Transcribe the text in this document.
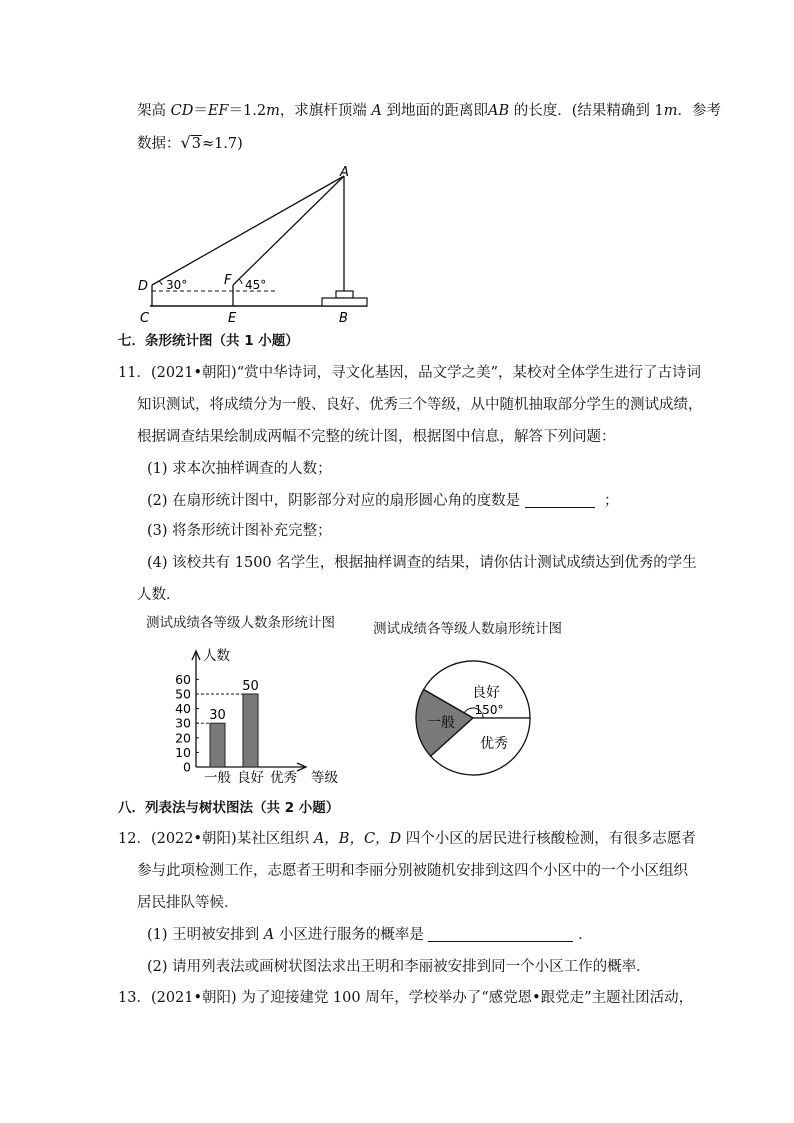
架高 CD＝EF＝1.2m，求旗杆顶端 A 到地面的距离即AB 的长度．(结果精确到 1m．参考
数据：√3≈1.7)
A
B
C
D
E
F
30°	45°
七．条形统计图（共 1 小题）
11．(2021•朝阳)“赏中华诗词，寻文化基因，品文学之美”，某校对全体学生进行了古诗词
知识测试，将成绩分为一般、良好、优秀三个等级，从中随机抽取部分学生的测试成绩，
根据调查结果绘制成两幅不完整的统计图，根据图中信息，解答下列问题：
(1) 求本次抽样调查的人数；
(2) 在扇形统计图中，阴影部分对应的扇形圆心角的度数是	；
(3) 将条形统计图补充完整；
(4) 该校共有 1500 名学生，根据抽样调查的结果，请你估计测试成绩达到优秀的学生
人数．
测试成绩各等级人数条形统计图	测试成绩各等级人数扇形统计图
人数
等级
0
10
20
30
40
50
60
30
一般
50
良好 优秀
良好
一般
优秀
150°
八．列表法与树状图法（共 2 小题）
12．(2022•朝阳)某社区组织 A，B，C，D 四个小区的居民进行核酸检测，有很多志愿者
参与此项检测工作，志愿者王明和李丽分别被随机安排到这四个小区中的一个小区组织
居民排队等候．
(1) 王明被安排到 A 小区进行服务的概率是	．
(2) 请用列表法或画树状图法求出王明和李丽被安排到同一个小区工作的概率．
13．(2021•朝阳) 为了迎接建党 100 周年，学校举办了“感党恩•跟党走”主题社团活动，
